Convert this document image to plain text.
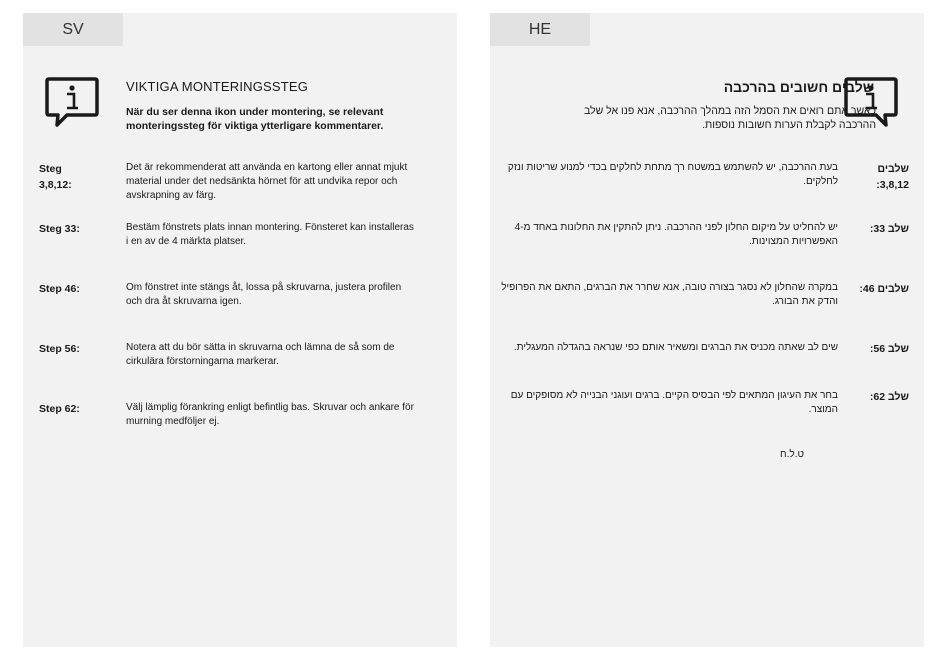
SV
VIKTIGA MONTERINGSSTEG
När du ser denna ikon under montering, se relevant monteringssteg för viktiga ytterligare kommentarer.
Steg 3,8,12:
Det är rekommenderat att använda en kartong eller annat mjukt material under det nedsänkta hörnet för att undvika repor och avskrapning av färg.
Steg 33:	Bestäm fönstrets plats innan montering. Fönsteret kan installeras i en av de 4 märkta platser.
Step 46:	Om fönstret inte stängs åt, lossa på skruvarna, justera profilen och dra åt skruvarna igen.
Step 56:	Notera att du bör sätta in skruvarna och lämna de så som de cirkulära förstorningarna markerar.
Step 62:	Välj lämplig förankring enligt befintlig bas. Skruvar och ankare för murning medföljer ej.
HE
שלבים חשובים בהרכבה
כאשר אתם רואים את הסמל הזה במהלך ההרכבה, אנא פנו אל שלב ההרכבה לקבלת הערות חשובות נוספות.
שלבים 3,8,12:
בעת ההרכבה, יש להשתמש במשטח רך מתחת לחלקים בכדי למנוע שריטות ונזק לחלקים.
שלב 33:
יש להחליט על מיקום החלון לפני ההרכבה. ניתן להתקין את החלונות באחד מ-4 האפשרויות המצוינות.
שלבים 46:
במקרה שהחלון לא נסגר בצורה טובה, אנא שחרר את הברגים, התאם את הפרופיל והדק את הבורג.
שלב 56:
שים לב שאתה מכניס את הברגים ומשאיר אותם כפי שנראה בהגדלה המעגלית.
שלב 62:
בחר את העיגון המתאים לפי הבסיס הקיים. ברגים ועוגני הבנייה לא מסופקים עם המוצר.
ט.ל.ח
